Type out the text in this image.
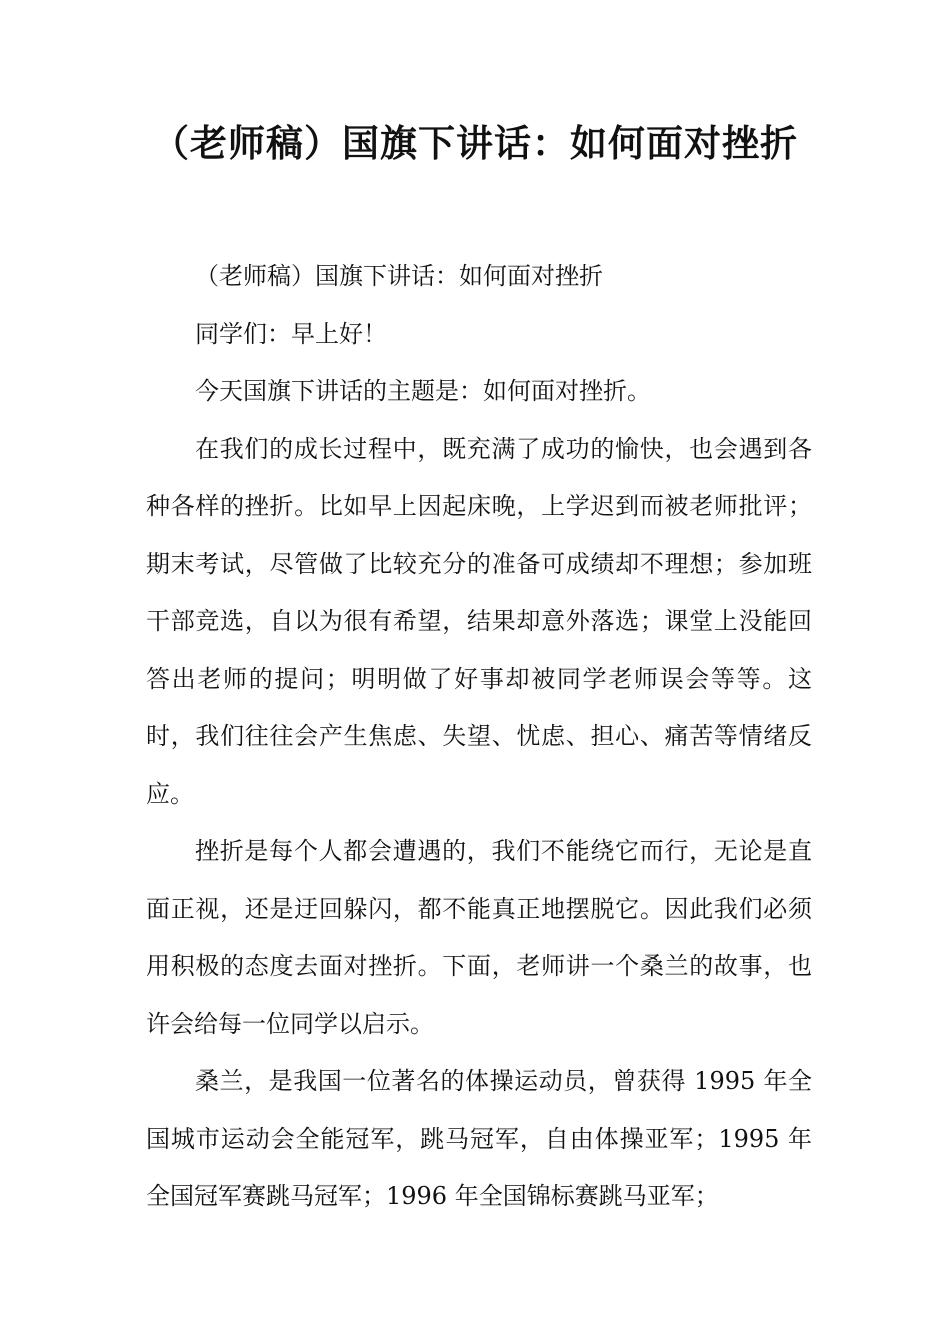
（老师稿）国旗下讲话：如何面对挫折

（老师稿）国旗下讲话：如何面对挫折

同学们：早上好！

今天国旗下讲话的主题是：如何面对挫折。

在我们的成长过程中，既充满了成功的愉快，也会遇到各种各样的挫折。比如早上因起床晚，上学迟到而被老师批评；期末考试，尽管做了比较充分的准备可成绩却不理想；参加班干部竞选，自以为很有希望，结果却意外落选；课堂上没能回答出老师的提问；明明做了好事却被同学老师误会等等。这时，我们往往会产生焦虑、失望、忧虑、担心、痛苦等情绪反应。

挫折是每个人都会遭遇的，我们不能绕它而行，无论是直面正视，还是迂回躲闪，都不能真正地摆脱它。因此我们必须用积极的态度去面对挫折。下面，老师讲一个桑兰的故事，也许会给每一位同学以启示。

桑兰，是我国一位著名的体操运动员，曾获得 1995 年全国城市运动会全能冠军，跳马冠军，自由体操亚军；1995 年全国冠军赛跳马冠军；1996 年全国锦标赛跳马亚军；
